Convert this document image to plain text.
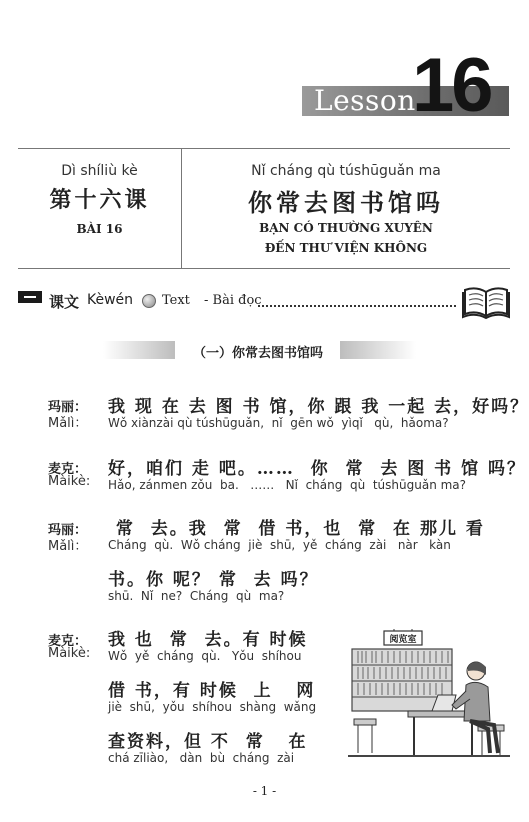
Lesson
16
Dì shíliù kè
第十六课
BÀI 16
Nǐ cháng qù túshūguǎn ma
你常去图书馆吗
BẠN CÓ THƯỜNG XUYÊN
ĐẾN THƯ VIỆN KHÔNG
课文 Kèwén Text - Bài đọc
（一）你常去图书馆吗
玛丽：
Mǎlì：
我 现 在 去 图 书 馆，你 跟 我 一起 去，好吗？
Wǒ xiànzài qù túshūguǎn,  nǐ  gēn wǒ  yìqǐ   qù,  hǎoma?
麦克：
Màikè:
好，咱们 走 吧。……  你  常  去 图 书 馆 吗？
Hǎo, zánmen zǒu  ba.   ……   Nǐ  cháng  qù  túshūguǎn ma?
玛丽：
Mǎlì：
常  去。我  常  借 书，也  常  在 那儿 看
Cháng  qù.  Wǒ cháng  jiè  shū,  yě  cháng  zài   nàr   kàn
书。你 呢？ 常  去 吗？
shū.  Nǐ  ne?  Cháng  qù  ma?
麦克：
Màikè:
我 也  常  去。有 时候
Wǒ  yě  cháng  qù.   Yǒu  shíhou
借 书，有 时候  上   网
jiè  shū,  yǒu  shíhou  shàng  wǎng
查资料，但 不  常   在
chá zīliào,   dàn  bù  cháng  zài
阅览室
- 1 -
